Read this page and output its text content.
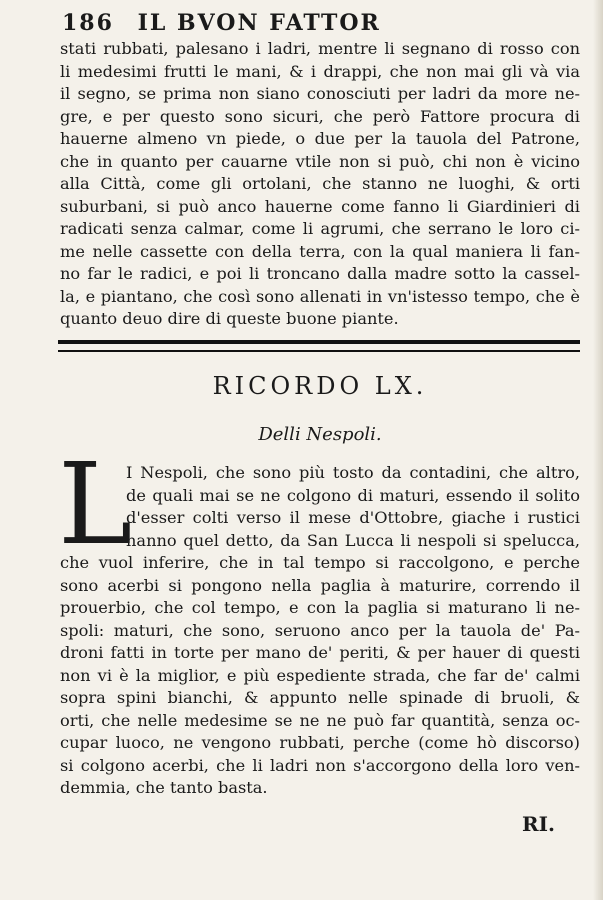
186 IL BVON FATTOR
stati rubbati, palesano i ladri, mentre li segnano di rosso con
li medesimi frutti le mani, & i drappi, che non mai gli và via
il segno, se prima non siano conosciuti per ladri da more ne-
gre, e per questo sono sicuri, che però Fattore procura di
hauerne almeno vn piede, o due per la tauola del Patrone,
che in quanto per cauarne vtile non si può, chi non è vicino
alla Città, come gli ortolani, che stanno ne luoghi, & orti
suburbani, si può anco hauerne come fanno li Giardinieri di
radicati senza calmar, come li agrumi, che serrano le loro ci-
me nelle cassette con della terra, con la qual maniera li fan-
no far le radici, e poi li troncano dalla madre sotto la cassel-
la, e piantano, che così sono allenati in vn'istesso tempo, che è
quanto deuo dire di queste buone piante.
RICORDO LX.
Delli Nespoli.
L
I Nespoli, che sono più tosto da contadini, che altro,
de quali mai se ne colgono di maturi, essendo il solito
d'esser colti verso il mese d'Ottobre, giache i rustici
hanno quel detto, da San Lucca li nespoli si spelucca,
che vuol inferire, che in tal tempo si raccolgono, e perche
sono acerbi si pongono nella paglia à maturire, correndo il
prouerbio, che col tempo, e con la paglia si maturano li ne-
spoli: maturi, che sono, seruono anco per la tauola de' Pa-
droni fatti in torte per mano de' periti, & per hauer di questi
non vi è la miglior, e più espediente strada, che far de' calmi
sopra spini bianchi, & appunto nelle spinade di bruoli, &
orti, che nelle medesime se ne ne può far quantità, senza oc-
cupar luoco, ne vengono rubbati, perche (come hò discorso)
si colgono acerbi, che li ladri non s'accorgono della loro ven-
demmia, che tanto basta.
RI.
